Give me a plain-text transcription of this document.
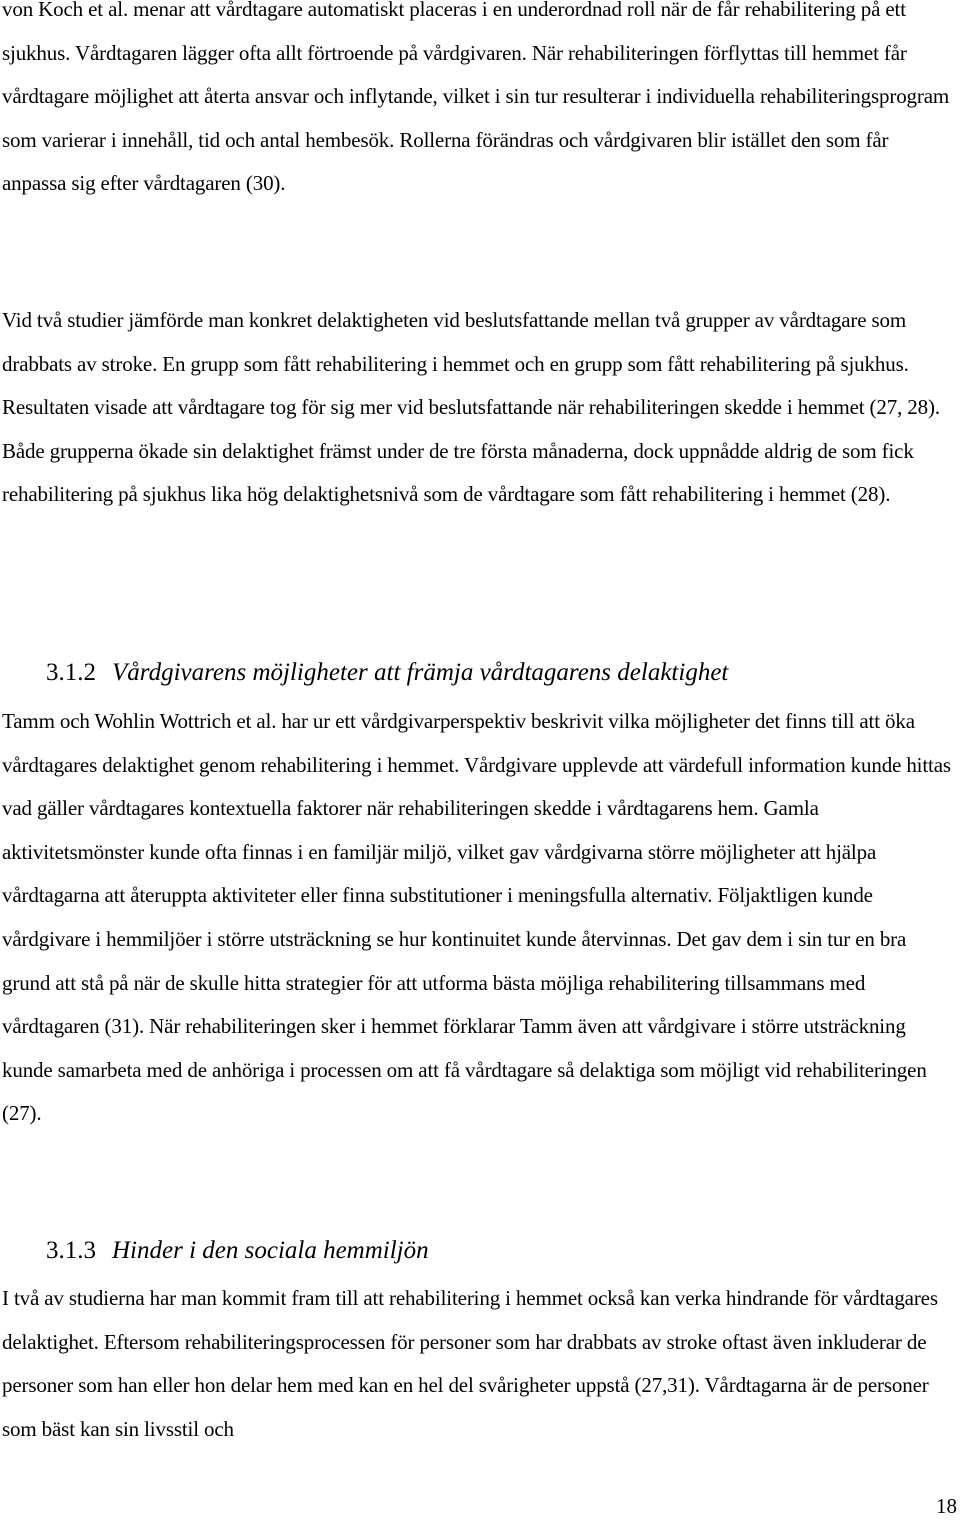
von Koch et al. menar att vårdtagare automatiskt placeras i en underordnad roll när de får rehabilitering på ett sjukhus. Vårdtagaren lägger ofta allt förtroende på vårdgivaren. När rehabiliteringen förflyttas till hemmet får vårdtagare möjlighet att återta ansvar och inflytande, vilket i sin tur resulterar i individuella rehabiliteringsprogram som varierar i innehåll, tid och antal hembesök. Rollerna förändras och vårdgivaren blir istället den som får anpassa sig efter vårdtagaren (30).

Vid två studier jämförde man konkret delaktigheten vid beslutsfattande mellan två grupper av vårdtagare som drabbats av stroke. En grupp som fått rehabilitering i hemmet och en grupp som fått rehabilitering på sjukhus. Resultaten visade att vårdtagare tog för sig mer vid beslutsfattande när rehabiliteringen skedde i hemmet (27, 28). Både grupperna ökade sin delaktighet främst under de tre första månaderna, dock uppnådde aldrig de som fick rehabilitering på sjukhus lika hög delaktighetsnivå som de vårdtagare som fått rehabilitering i hemmet (28).

3.1.2 Vårdgivarens möjligheter att främja vårdtagarens delaktighet

Tamm och Wohlin Wottrich et al. har ur ett vårdgivarperspektiv beskrivit vilka möjligheter det finns till att öka vårdtagares delaktighet genom rehabilitering i hemmet. Vårdgivare upplevde att värdefull information kunde hittas vad gäller vårdtagares kontextuella faktorer när rehabiliteringen skedde i vårdtagarens hem. Gamla aktivitetsmönster kunde ofta finnas i en familjär miljö, vilket gav vårdgivarna större möjligheter att hjälpa vårdtagarna att återuppta aktiviteter eller finna substitutioner i meningsfulla alternativ. Följaktligen kunde vårdgivare i hemmiljöer i större utsträckning se hur kontinuitet kunde återvinnas. Det gav dem i sin tur en bra grund att stå på när de skulle hitta strategier för att utforma bästa möjliga rehabilitering tillsammans med vårdtagaren (31). När rehabiliteringen sker i hemmet förklarar Tamm även att vårdgivare i större utsträckning kunde samarbeta med de anhöriga i processen om att få vårdtagare så delaktiga som möjligt vid rehabiliteringen (27).

3.1.3 Hinder i den sociala hemmiljön

I två av studierna har man kommit fram till att rehabilitering i hemmet också kan verka hindrande för vårdtagares delaktighet. Eftersom rehabiliteringsprocessen för personer som har drabbats av stroke oftast även inkluderar de personer som han eller hon delar hem med kan en hel del svårigheter uppstå (27,31). Vårdtagarna är de personer som bäst kan sin livsstil och

18
